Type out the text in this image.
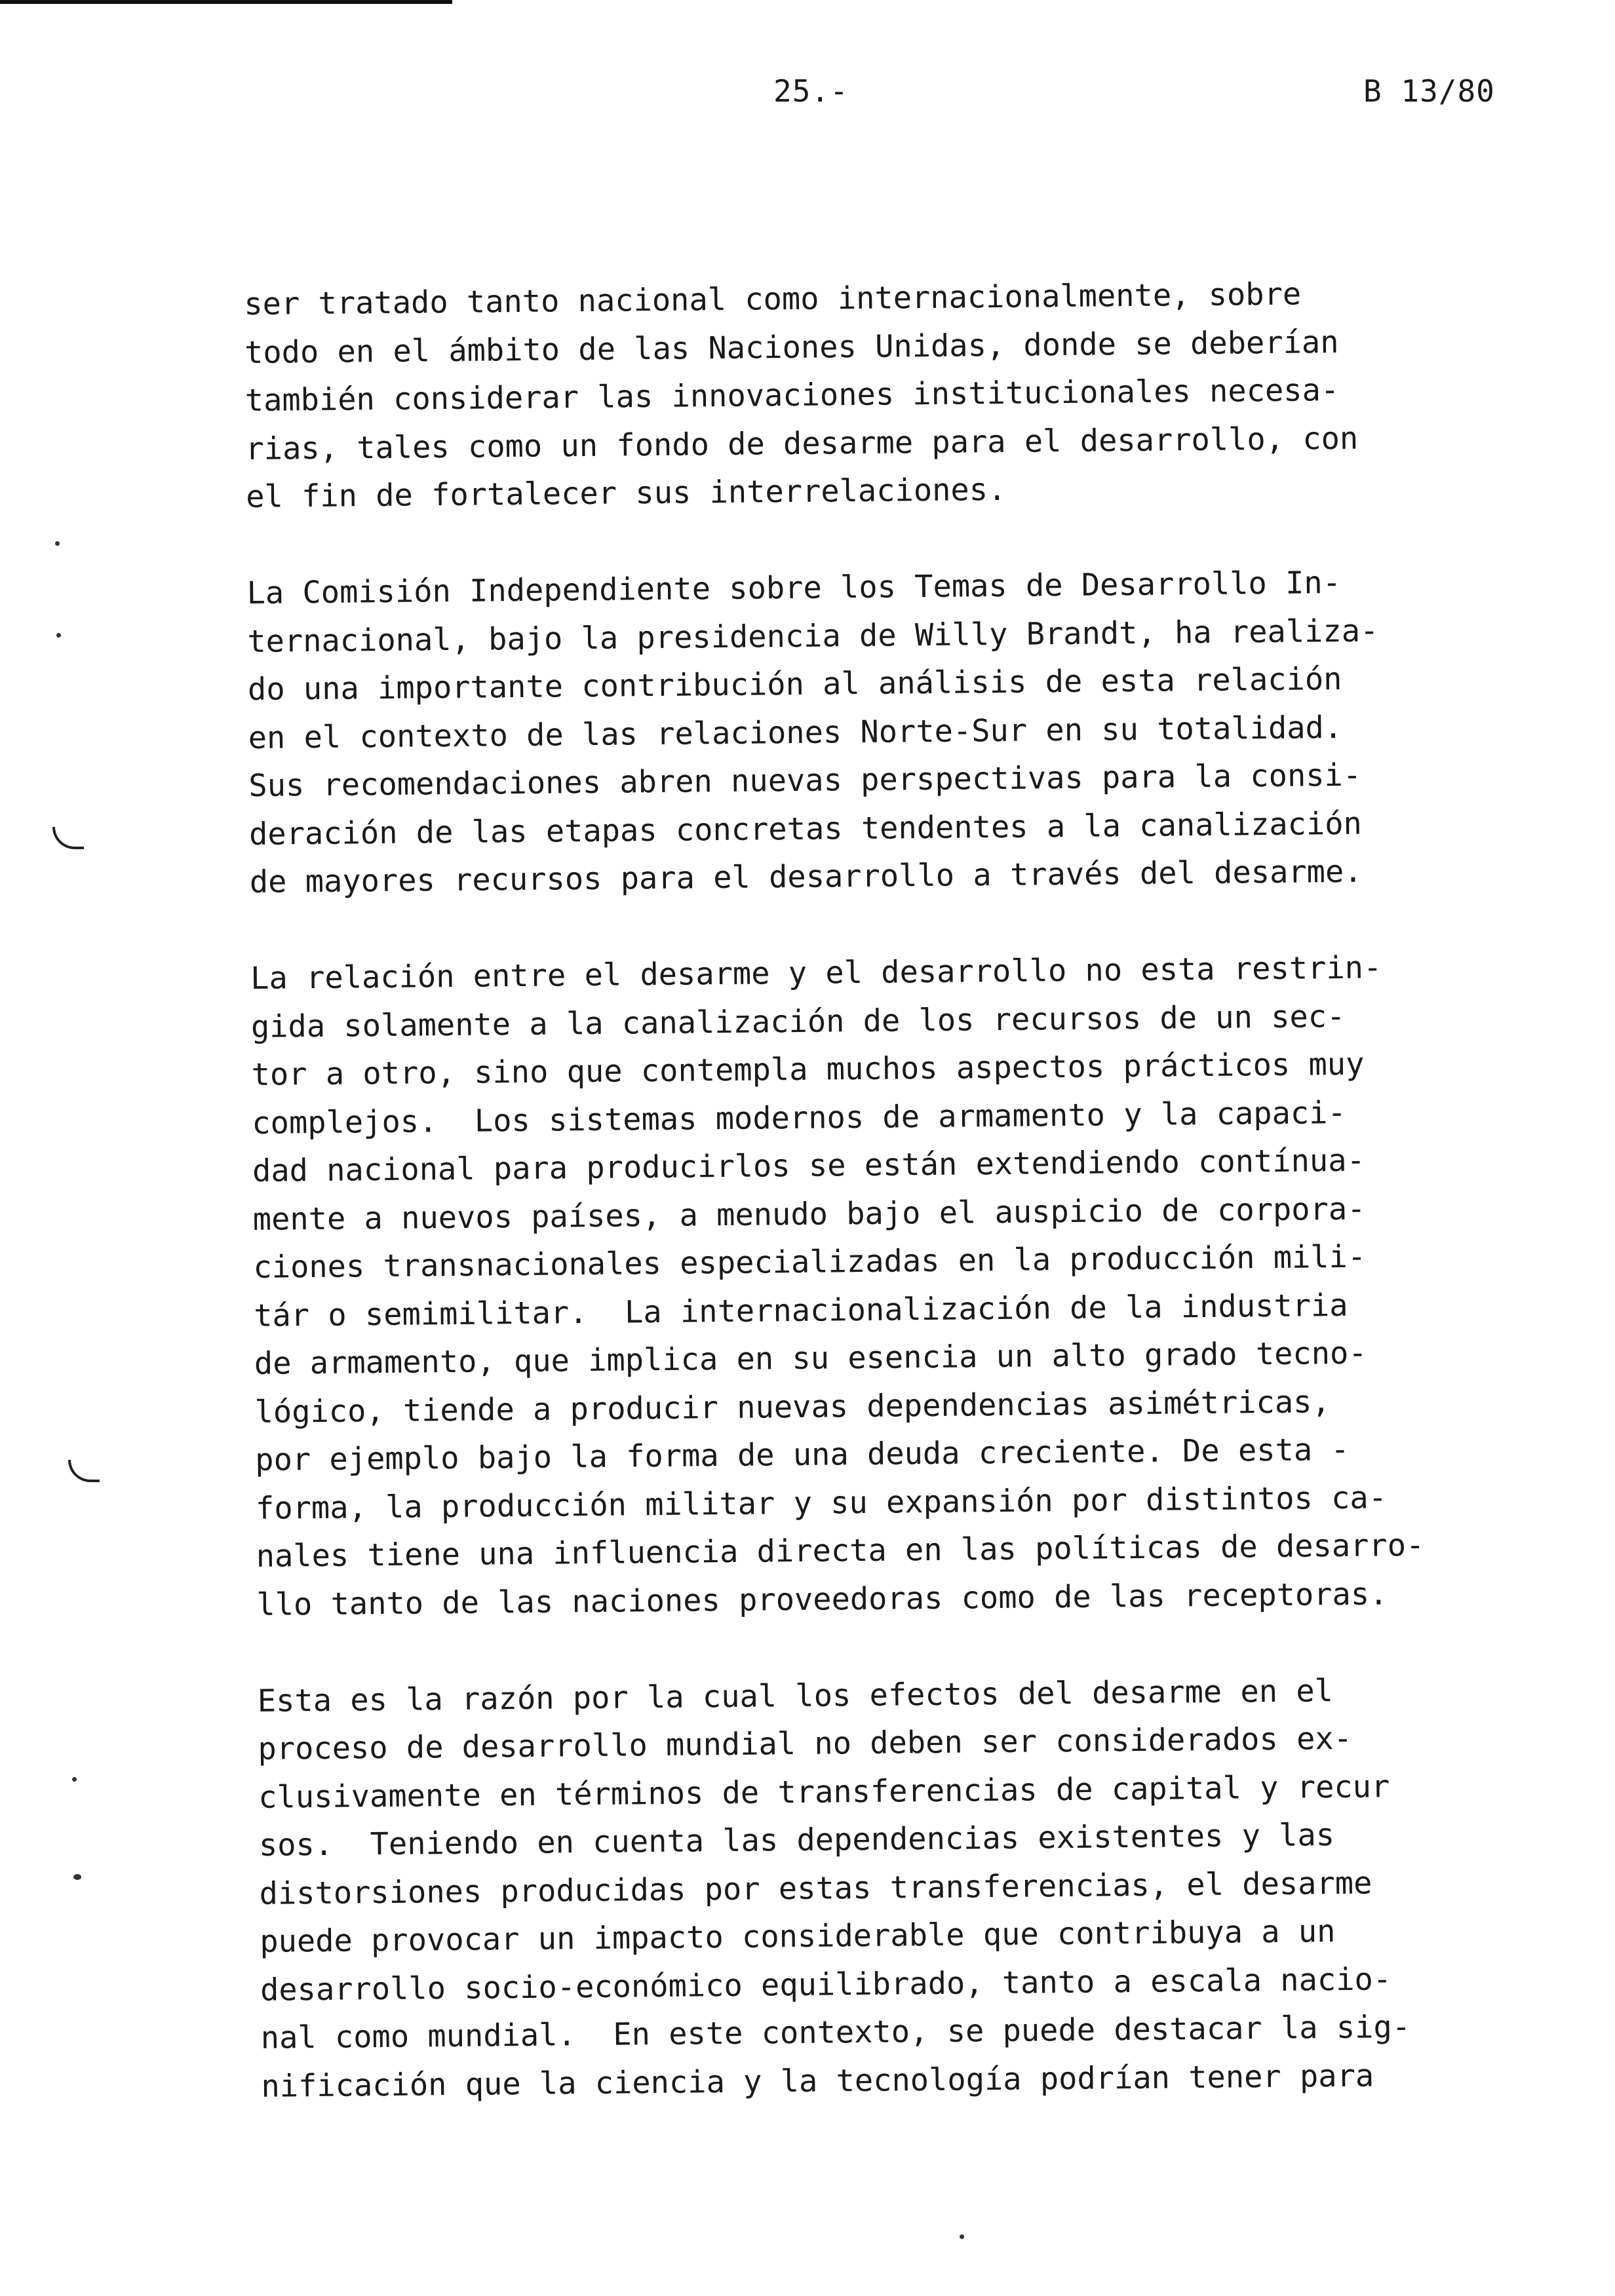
25.-	B 13/80
ser tratado tanto nacional como internacionalmente, sobre
todo en el ámbito de las Naciones Unidas, donde se deberían
también considerar las innovaciones institucionales necesa-
rias, tales como un fondo de desarme para el desarrollo, con
el fin de fortalecer sus interrelaciones.
La Comisión Independiente sobre los Temas de Desarrollo In-
ternacional, bajo la presidencia de Willy Brandt, ha realiza-
do una importante contribución al análisis de esta relación
en el contexto de las relaciones Norte-Sur en su totalidad.
Sus recomendaciones abren nuevas perspectivas para la consi-
deración de las etapas concretas tendentes a la canalización
de mayores recursos para el desarrollo a través del desarme.
La relación entre el desarme y el desarrollo no esta restrin-
gida solamente a la canalización de los recursos de un sec-
tor a otro, sino que contempla muchos aspectos prácticos muy
complejos.  Los sistemas modernos de armamento y la capaci-
dad nacional para producirlos se están extendiendo contínua-
mente a nuevos países, a menudo bajo el auspicio de corpora-
ciones transnacionales especializadas en la producción mili-
tár o semimilitar.  La internacionalización de la industria
de armamento, que implica en su esencia un alto grado tecno-
lógico, tiende a producir nuevas dependencias asimétricas,
por ejemplo bajo la forma de una deuda creciente. De esta -
forma, la producción militar y su expansión por distintos ca-
nales tiene una influencia directa en las políticas de desarro-
llo tanto de las naciones proveedoras como de las receptoras.
Esta es la razón por la cual los efectos del desarme en el
proceso de desarrollo mundial no deben ser considerados ex-
clusivamente en términos de transferencias de capital y recur
sos.  Teniendo en cuenta las dependencias existentes y las
distorsiones producidas por estas transferencias, el desarme
puede provocar un impacto considerable que contribuya a un
desarrollo socio-económico equilibrado, tanto a escala nacio-
nal como mundial.  En este contexto, se puede destacar la sig-
nificación que la ciencia y la tecnología podrían tener para
